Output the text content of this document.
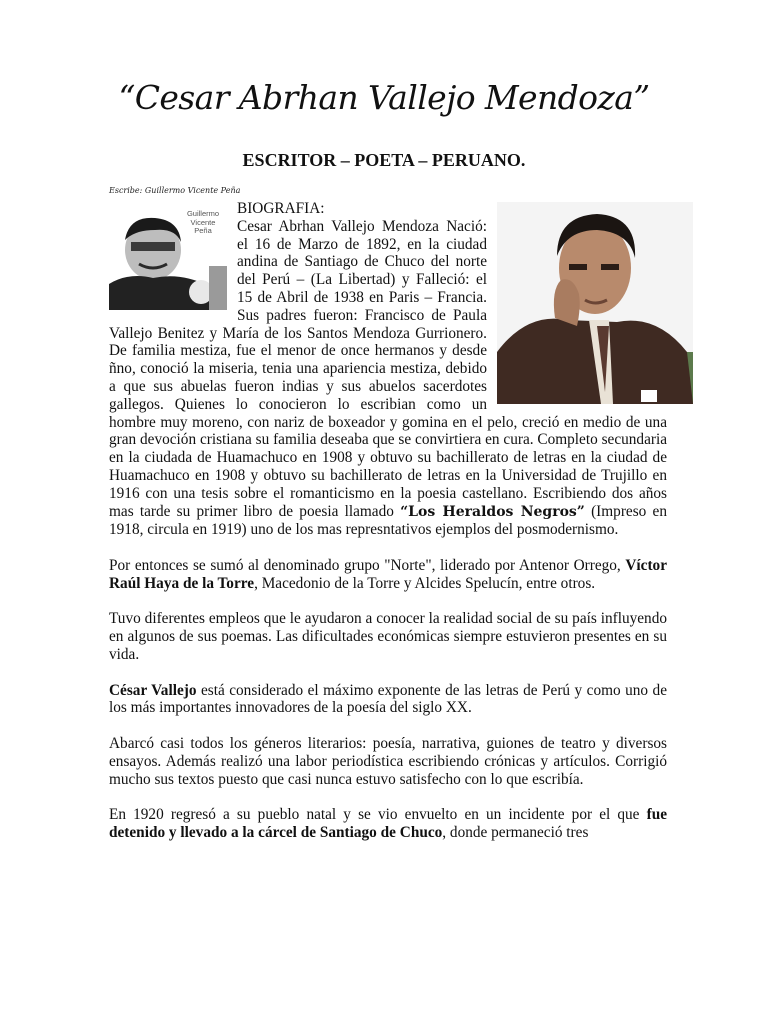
“Cesar Abrhan Vallejo Mendoza”
ESCRITOR – POETA – PERUANO.
Escribe: Guillermo Vicente Peña

Guillermo Vicente Peña
BIOGRAFIA:
Cesar Abrhan Vallejo Mendoza Nació: el 16 de Marzo de 1892, en la ciudad andina de Santiago de Chuco del norte del Perú – (La Libertad) y Falleció: el 15 de Abril de 1938 en Paris – Francia. Sus padres fueron: Francisco de Paula Vallejo Benitez y María de los Santos Mendoza Gurrionero. De familia mestiza, fue el menor de once hermanos y desde ñno, conoció la miseria, tenia una apariencia mestiza, debido a que sus abuelas fueron indias y sus abuelos sacerdotes gallegos. Quienes lo conocieron lo escribian como un hombre muy moreno, con nariz de boxeador y gomina en el pelo, creció en medio de una gran devoción cristiana su familia deseaba que se convirtiera en cura. Completo secundaria en la ciudada de Huamachuco en 1908 y obtuvo su bachillerato de letras en la ciudad de Huamachuco en 1908 y obtuvo su bachillerato de letras en la Universidad de Trujillo en 1916 con una tesis sobre el romanticismo en la poesia castellano. Escribiendo dos años mas tarde su primer libro de poesia llamado “Los Heraldos Negros” (Impreso en 1918, circula en 1919) uno de los mas represntativos ejemplos del posmodernismo.

Por entonces se sumó al denominado grupo "Norte", liderado por Antenor Orrego, Víctor Raúl Haya de la Torre, Macedonio de la Torre y Alcides Spelucín, entre otros.

Tuvo diferentes empleos que le ayudaron a conocer la realidad social de su país influyendo en algunos de sus poemas. Las dificultades económicas siempre estuvieron presentes en su vida.

César Vallejo está considerado el máximo exponente de las letras de Perú y como uno de los más importantes innovadores de la poesía del siglo XX.

Abarcó casi todos los géneros literarios: poesía, narrativa, guiones de teatro y diversos ensayos. Además realizó una labor periodística escribiendo crónicas y artículos. Corrigió mucho sus textos puesto que casi nunca estuvo satisfecho con lo que escribía.

En 1920 regresó a su pueblo natal y se vio envuelto en un incidente por el que fue detenido y llevado a la cárcel de Santiago de Chuco, donde permaneció tres
